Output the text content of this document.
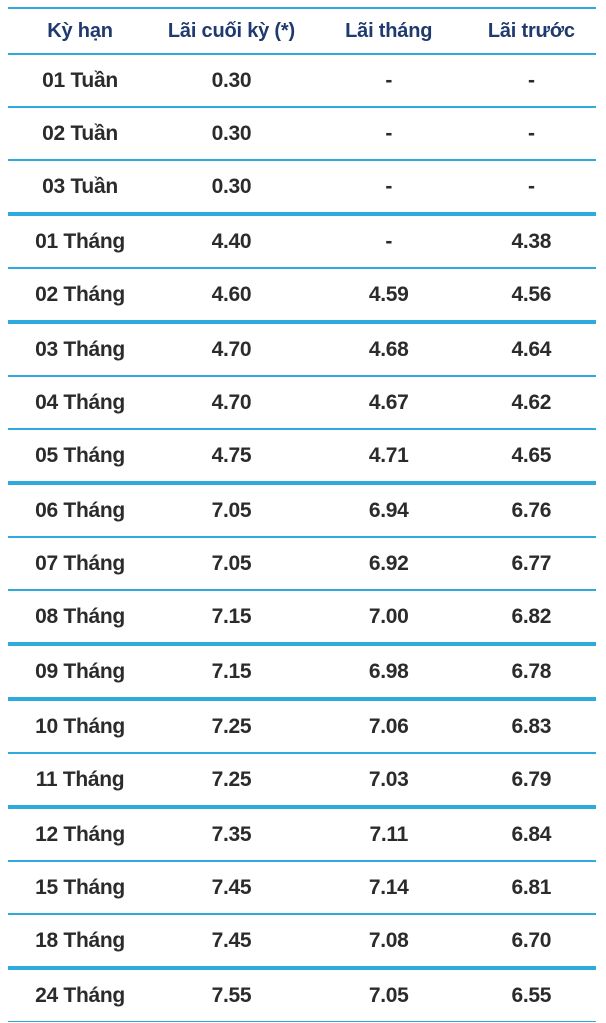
Kỳ hạn	Lãi cuối kỳ (*)	Lãi tháng	Lãi trước
01 Tuần	0.30	-	-
02 Tuần	0.30	-	-
03 Tuần	0.30	-	-
01 Tháng	4.40	-	4.38
02 Tháng	4.60	4.59	4.56
03 Tháng	4.70	4.68	4.64
04 Tháng	4.70	4.67	4.62
05 Tháng	4.75	4.71	4.65
06 Tháng	7.05	6.94	6.76
07 Tháng	7.05	6.92	6.77
08 Tháng	7.15	7.00	6.82
09 Tháng	7.15	6.98	6.78
10 Tháng	7.25	7.06	6.83
11 Tháng	7.25	7.03	6.79
12 Tháng	7.35	7.11	6.84
15 Tháng	7.45	7.14	6.81
18 Tháng	7.45	7.08	6.70
24 Tháng	7.55	7.05	6.55
